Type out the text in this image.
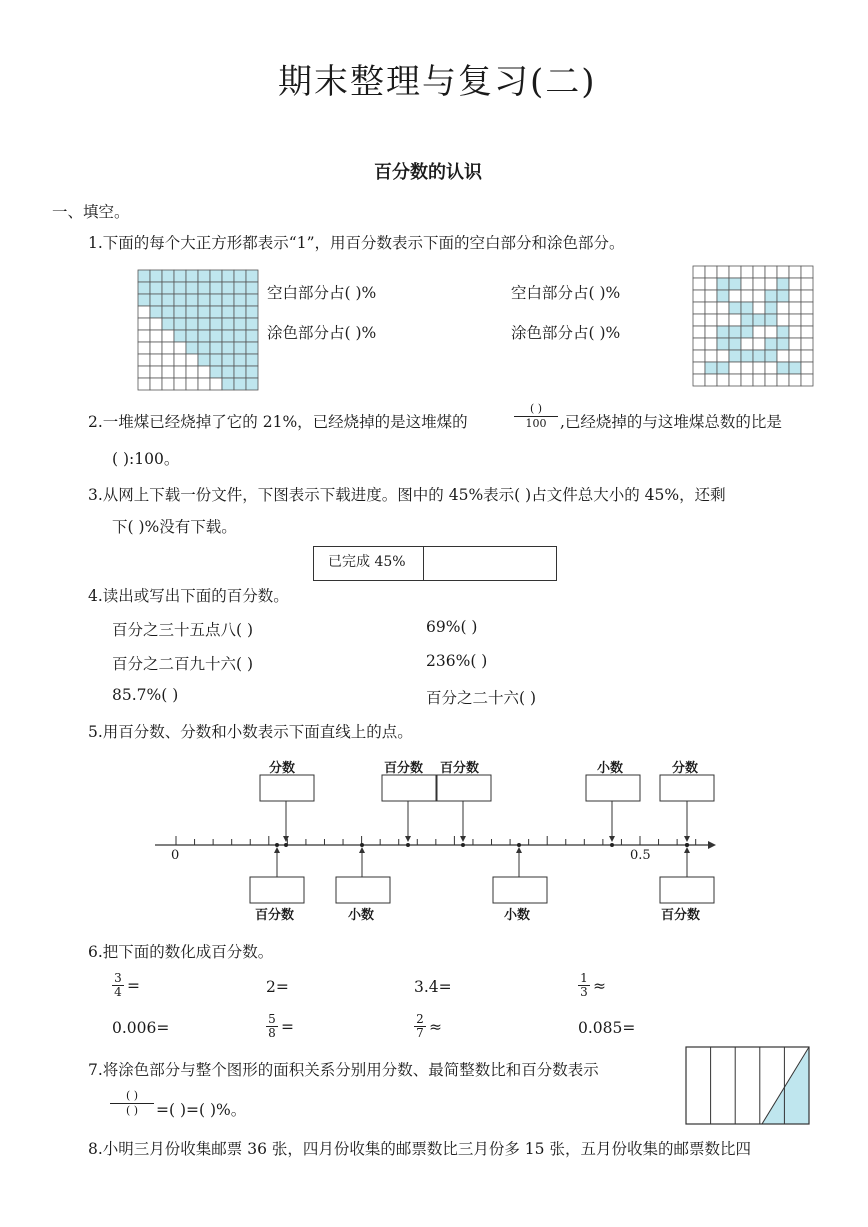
期末整理与复习(二)
百分数的认识
一、填空。
1.下面的每个大正方形都表示“1”，用百分数表示下面的空白部分和涂色部分。
空白部分占( )%
涂色部分占( )%
空白部分占( )%
涂色部分占( )%
2.一堆煤已经烧掉了它的 21%，已经烧掉的是这堆煤的
( )
100 ,已经烧掉的与这堆煤总数的比是
( ):100。
3.从网上下载一份文件，下图表示下载进度。图中的 45%表示( )占文件总大小的 45%，还剩
下( )%没有下载。
已完成 45%
4.读出或写出下面的百分数。
百分之三十五点八( )	69%( )
百分之二百九十六( )	236%( )
85.7%( )	百分之二十六( )
5.用百分数、分数和小数表示下面直线上的点。
分数	百分数 百分数	小数	分数
百分数	小数	小数	百分数
0	0.5
6.把下面的数化成百分数。
$\frac{3}{4}$ =	2=	3.4=	$\frac{1}{3}$ ≈
0.006=	$\frac{5}{8}$ =	$\frac{2}{7}$ ≈	0.085=
7.将涂色部分与整个图形的面积关系分别用分数、最简整数比和百分数表示
( )
( )	=( )=( )%。
8.小明三月份收集邮票 36 张，四月份收集的邮票数比三月份多 15 张，五月份收集的邮票数比四
